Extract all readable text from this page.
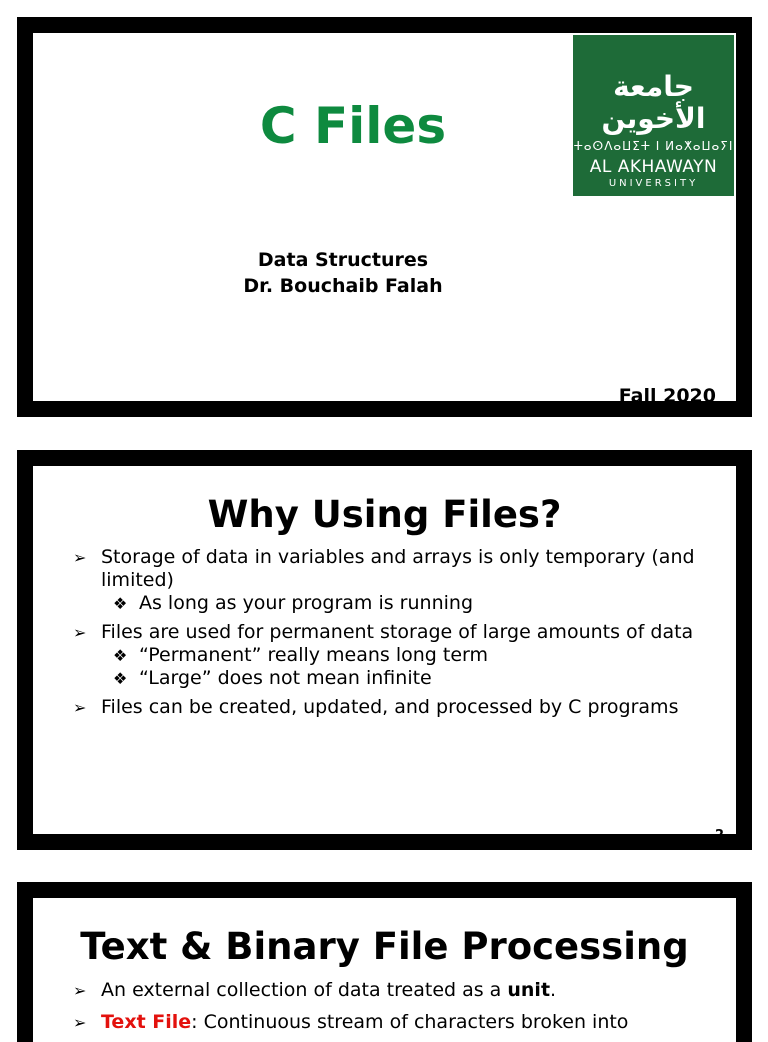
C Files
جامعة الأخوين
ⵜⴰⵙⴷⴰⵡⵉⵜ ⵏ ⵍⴰⵅⴰⵡⴰⵢⵏ
AL AKHAWAYN
UNIVERSITY
Data Structures
Dr. Bouchaib Falah
Fall 2020
Why Using Files?
➢ Storage of data in variables and arrays is only temporary (and limited)
❖ As long as your program is running
➢ Files are used for permanent storage of large amounts of data
❖ “Permanent” really means long term
❖ “Large” does not mean infinite
➢ Files can be created, updated, and processed by C programs
2
Text & Binary File Processing
➢ An external collection of data treated as a unit.
➢ Text File: Continuous stream of characters broken into
